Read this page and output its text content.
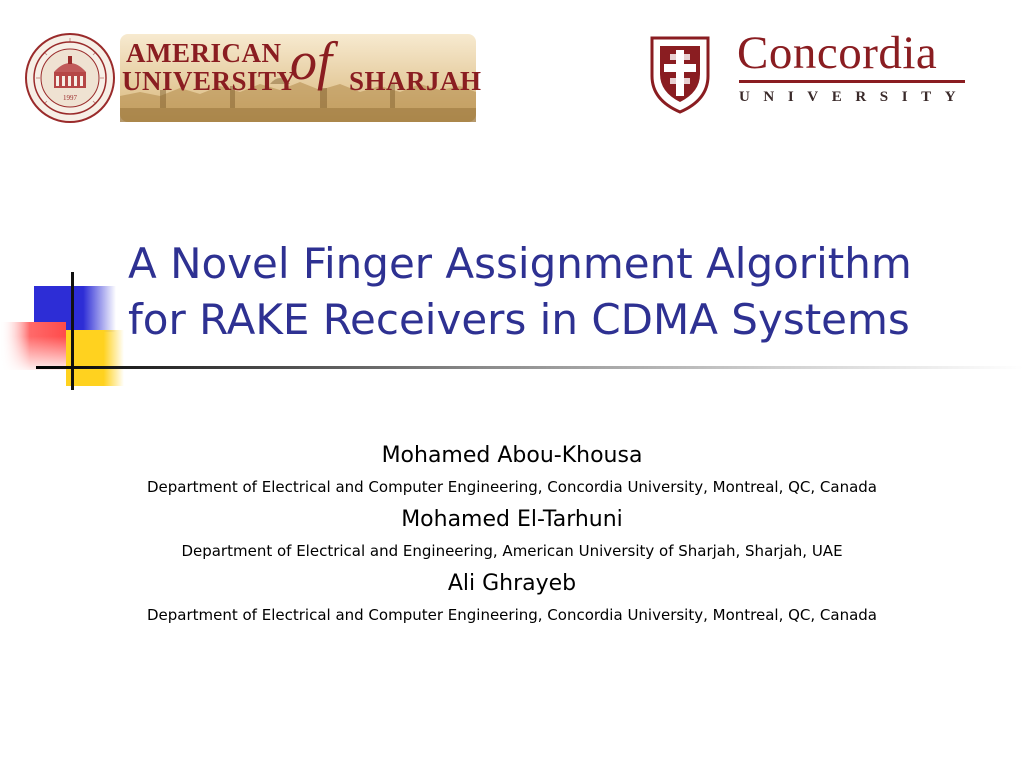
1997
AMERICAN
UNIVERSITY
of SHARJAH
Concordia
UNIVERSITY
A Novel Finger Assignment Algorithm
for RAKE Receivers in CDMA Systems
Mohamed Abou-Khousa
Department of Electrical and Computer Engineering, Concordia University, Montreal, QC, Canada
Mohamed El-Tarhuni
Department of Electrical and Engineering, American University of Sharjah, Sharjah, UAE
Ali Ghrayeb
Department of Electrical and Computer Engineering, Concordia University, Montreal, QC, Canada
